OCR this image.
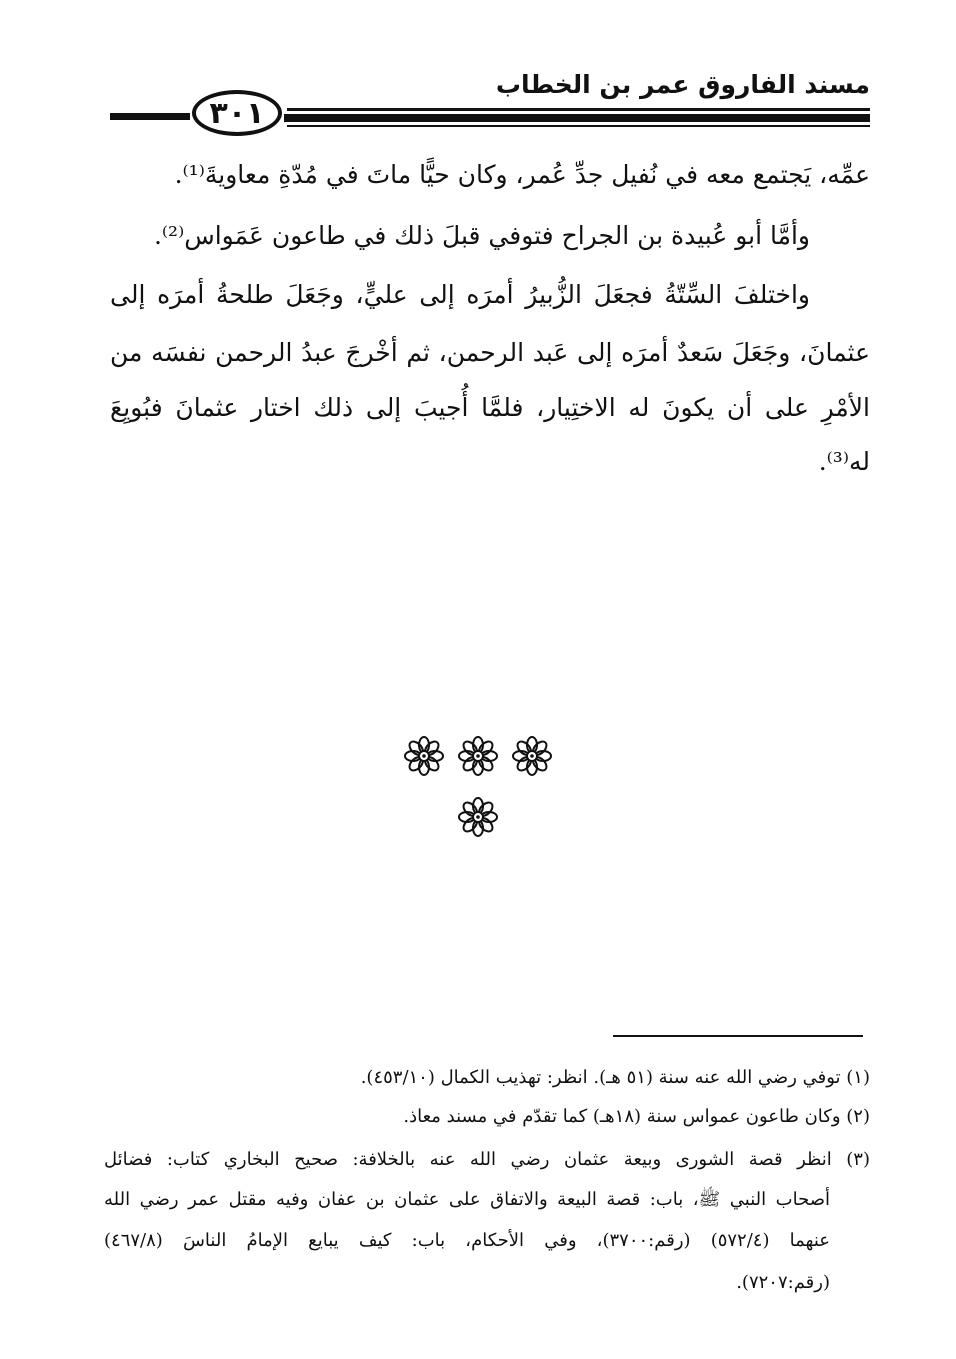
مسند الفاروق عمر بن الخطاب
٣٠١
عمِّه، يَجتمع معه في نُفيل جدِّ عُمر، وكان حيًّا ماتَ في مُدّةِ معاويةَ⁽¹⁾.
وأمَّا أبو عُبيدة بن الجراح فتوفي قبلَ ذلك في طاعون عَمَواس⁽²⁾.
واختلفَ السِّتّةُ فجعَلَ الزُّبيرُ أمرَه إلى عليٍّ، وجَعَلَ طلحةُ أمرَه إلى
عثمانَ، وجَعَلَ سَعدٌ أمرَه إلى عَبد الرحمن، ثم أخْرجَ عبدُ الرحمن نفسَه من
الأمْرِ على أن يكونَ له الاختِيار، فلمَّا أُجيبَ إلى ذلك اختار عثمانَ فبُويِعَ
له⁽³⁾.
(١) توفي رضي الله عنه سنة (٥١ هـ). انظر: تهذيب الكمال (٤٥٣/١٠).
(٢) وكان طاعون عمواس سنة (١٨هـ) كما تقدّم في مسند معاذ.
(٣) انظر قصة الشورى وبيعة عثمان رضي الله عنه بالخلافة: صحيح البخاري كتاب: فضائل
أصحاب النبي ﷺ، باب: قصة البيعة والاتفاق على عثمان بن عفان وفيه مقتل عمر رضي الله
عنهما (٥٧٢/٤) (رقم:٣٧٠٠)، وفي الأحكام، باب: كيف يبايع الإمامُ الناسَ (٤٦٧/٨)
(رقم:٧٢٠٧).
